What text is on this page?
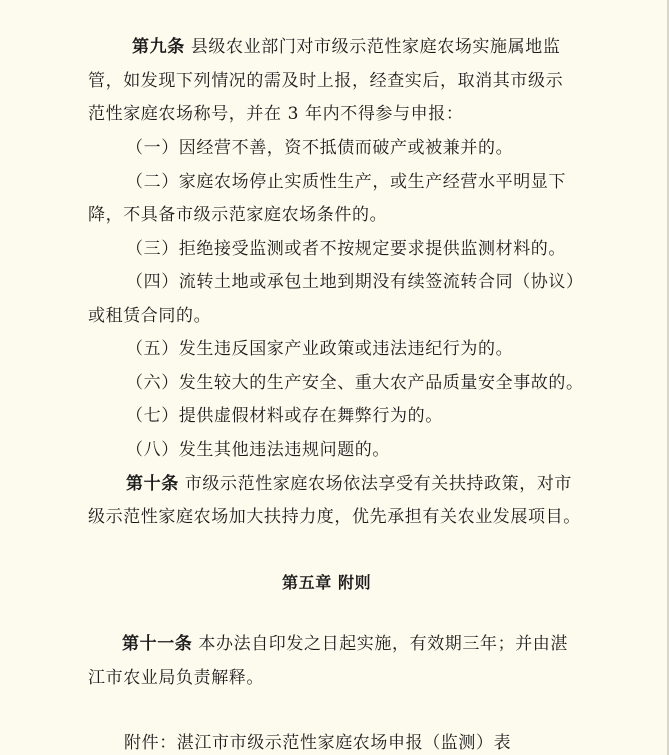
第九条 县级农业部门对市级示范性家庭农场实施属地监
管，如发现下列情况的需及时上报，经查实后，取消其市级示
范性家庭农场称号，并在 3 年内不得参与申报：
（一）因经营不善，资不抵债而破产或被兼并的。
（二）家庭农场停止实质性生产，或生产经营水平明显下
降，不具备市级示范家庭农场条件的。
（三）拒绝接受监测或者不按规定要求提供监测材料的。
（四）流转土地或承包土地到期没有续签流转合同（协议）
或租赁合同的。
（五）发生违反国家产业政策或违法违纪行为的。
（六）发生较大的生产安全、重大农产品质量安全事故的。
（七）提供虚假材料或存在舞弊行为的。
（八）发生其他违法违规问题的。
第十条 市级示范性家庭农场依法享受有关扶持政策，对市
级示范性家庭农场加大扶持力度，优先承担有关农业发展项目。
第五章 附则
第十一条 本办法自印发之日起实施，有效期三年；并由湛
江市农业局负责解释。
附件：湛江市市级示范性家庭农场申报（监测）表
